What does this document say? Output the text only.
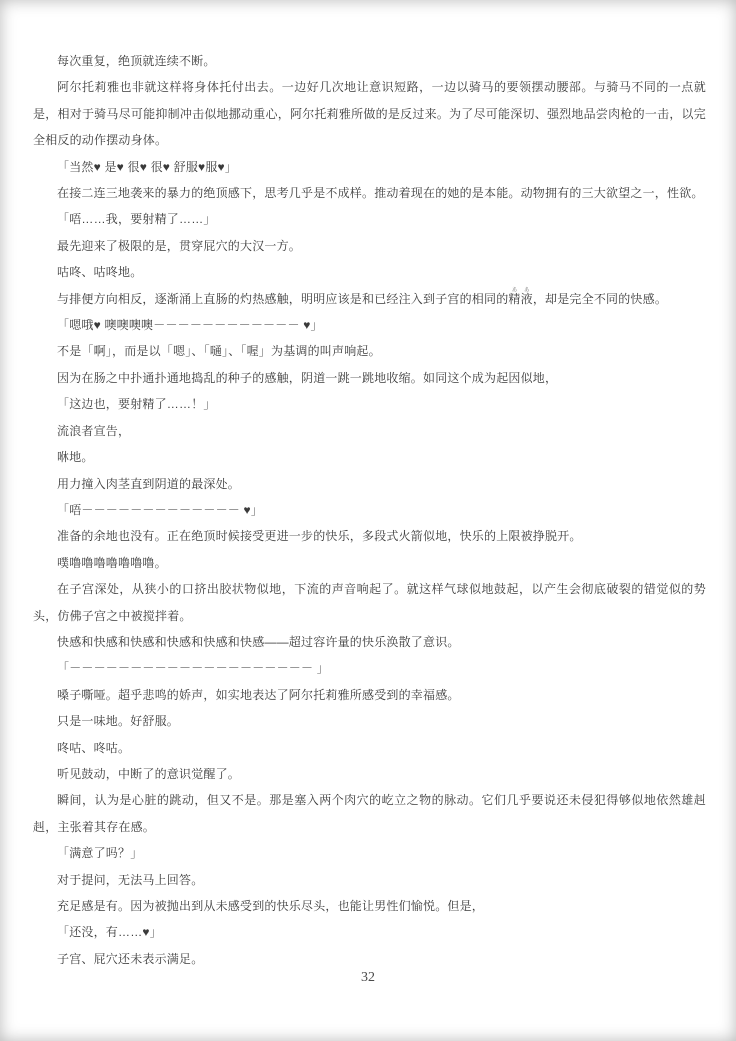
每次重复，绝顶就连续不断。

阿尔托莉雅也非就这样将身体托付出去。一边好几次地让意识短路，一边以骑马的要领摆动腰部。与骑马不同的一点就是，相对于骑马尽可能抑制冲击似地挪动重心，阿尔托莉雅所做的是反过来。为了尽可能深切、强烈地品尝肉枪的一击，以完全相反的动作摆动身体。

「当然♥ 是♥ 很♥ 很♥ 舒服♥服♥」

在接二连三地袭来的暴力的绝顶感下，思考几乎是不成样。推动着现在的她的是本能。动物拥有的三大欲望之一，性欲。

「唔……我，要射精了……」

最先迎来了极限的是，贯穿屁穴的大汉一方。

咕咚、咕咚地。

与排便方向相反，逐渐涌上直肠的灼热感触，明明应该是和已经注入到子宫的相同的精液ぁぁ，却是完全不同的快感。

「嗯哦♥ 噢噢噢噢－－－－－－－－－－－－ ♥」

不是「啊」，而是以「嗯」、「嗵」、「喔」为基调的叫声响起。

因为在肠之中扑通扑通地捣乱的种子的感触，阴道一跳一跳地收缩。如同这个成为起因似地，

「这边也，要射精了……！」

流浪者宣告，

咻地。

用力撞入肉茎直到阴道的最深处。

「唔－－－－－－－－－－－－－ ♥」

准备的余地也没有。正在绝顶时候接受更进一步的快乐，多段式火箭似地，快乐的上限被挣脱开。

噗噜噜噜噜噜噜噜。

在子宫深处，从狭小的口挤出胶状物似地，下流的声音响起了。就这样气球似地鼓起，以产生会彻底破裂的错觉似的势头，仿佛子宫之中被搅拌着。

快感和快感和快感和快感和快感和快感——超过容许量的快乐涣散了意识。

「－－－－－－－－－－－－－－－－－－－－ 」

嗓子嘶哑。超乎悲鸣的娇声，如实地表达了阿尔托莉雅所感受到的幸福感。

只是一味地。好舒服。

咚咕、咚咕。

听见鼓动，中断了的意识觉醒了。

瞬间，认为是心脏的跳动，但又不是。那是塞入两个肉穴的屹立之物的脉动。它们几乎要说还未侵犯得够似地依然雄赳赳，主张着其存在感。

「满意了吗？」

对于提问，无法马上回答。

充足感是有。因为被抛出到从未感受到的快乐尽头，也能让男性们愉悦。但是，

「还没，有……♥」

子宫、屁穴还未表示满足。

32
